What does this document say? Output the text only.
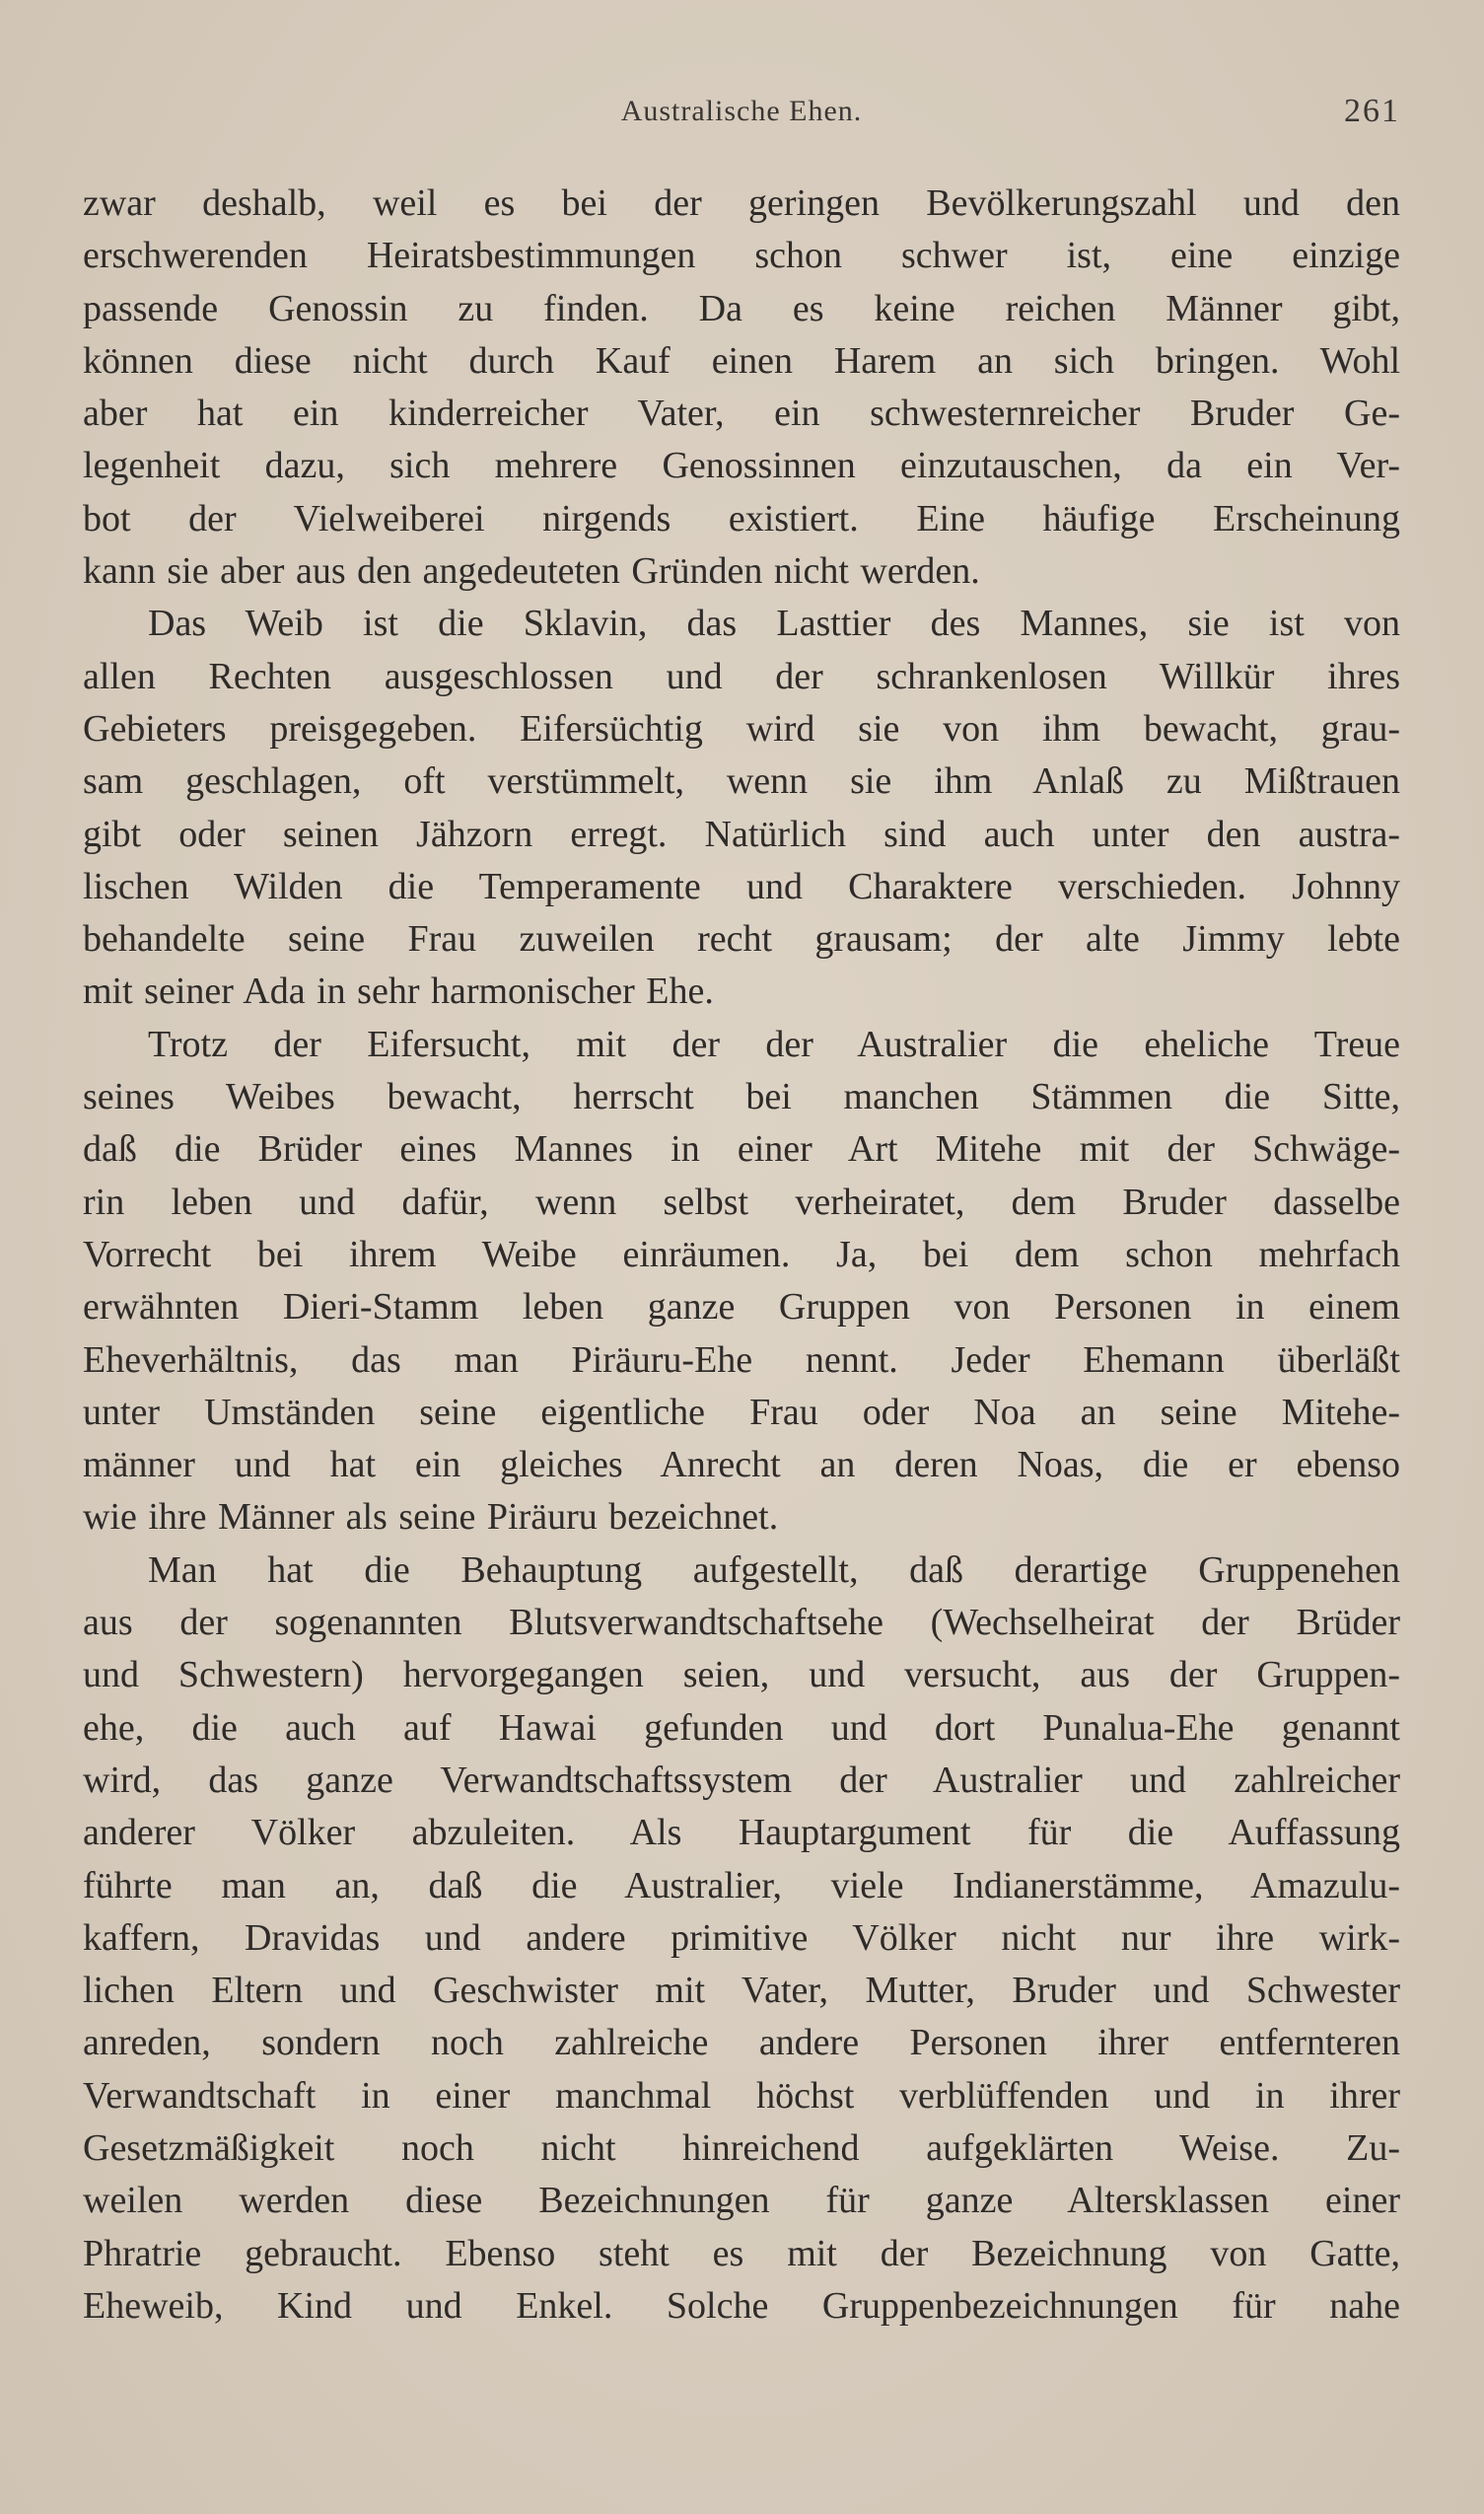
Australische Ehen.	261
zwar deshalb, weil es bei der geringen Bevölkerungszahl und den
erschwerenden Heiratsbestimmungen schon schwer ist, eine einzige
passende Genossin zu finden. Da es keine reichen Männer gibt,
können diese nicht durch Kauf einen Harem an sich bringen. Wohl
aber hat ein kinderreicher Vater, ein schwesternreicher Bruder Ge-
legenheit dazu, sich mehrere Genossinnen einzutauschen, da ein Ver-
bot der Vielweiberei nirgends existiert. Eine häufige Erscheinung
kann sie aber aus den angedeuteten Gründen nicht werden.
Das Weib ist die Sklavin, das Lasttier des Mannes, sie ist von
allen Rechten ausgeschlossen und der schrankenlosen Willkür ihres
Gebieters preisgegeben. Eifersüchtig wird sie von ihm bewacht, grau-
sam geschlagen, oft verstümmelt, wenn sie ihm Anlaß zu Mißtrauen
gibt oder seinen Jähzorn erregt. Natürlich sind auch unter den austra-
lischen Wilden die Temperamente und Charaktere verschieden. Johnny
behandelte seine Frau zuweilen recht grausam; der alte Jimmy lebte
mit seiner Ada in sehr harmonischer Ehe.
Trotz der Eifersucht, mit der der Australier die eheliche Treue
seines Weibes bewacht, herrscht bei manchen Stämmen die Sitte,
daß die Brüder eines Mannes in einer Art Mitehe mit der Schwäge-
rin leben und dafür, wenn selbst verheiratet, dem Bruder dasselbe
Vorrecht bei ihrem Weibe einräumen. Ja, bei dem schon mehrfach
erwähnten Dieri-Stamm leben ganze Gruppen von Personen in einem
Eheverhältnis, das man Piräuru-Ehe nennt. Jeder Ehemann überläßt
unter Umständen seine eigentliche Frau oder Noa an seine Mitehe-
männer und hat ein gleiches Anrecht an deren Noas, die er ebenso
wie ihre Männer als seine Piräuru bezeichnet.
Man hat die Behauptung aufgestellt, daß derartige Gruppenehen
aus der sogenannten Blutsverwandtschaftsehe (Wechselheirat der Brüder
und Schwestern) hervorgegangen seien, und versucht, aus der Gruppen-
ehe, die auch auf Hawai gefunden und dort Punalua-Ehe genannt
wird, das ganze Verwandtschaftssystem der Australier und zahlreicher
anderer Völker abzuleiten. Als Hauptargument für die Auffassung
führte man an, daß die Australier, viele Indianerstämme, Amazulu-
kaffern, Dravidas und andere primitive Völker nicht nur ihre wirk-
lichen Eltern und Geschwister mit Vater, Mutter, Bruder und Schwester
anreden, sondern noch zahlreiche andere Personen ihrer entfernteren
Verwandtschaft in einer manchmal höchst verblüffenden und in ihrer
Gesetzmäßigkeit noch nicht hinreichend aufgeklärten Weise. Zu-
weilen werden diese Bezeichnungen für ganze Altersklassen einer
Phratrie gebraucht. Ebenso steht es mit der Bezeichnung von Gatte,
Eheweib, Kind und Enkel. Solche Gruppenbezeichnungen für nahe
